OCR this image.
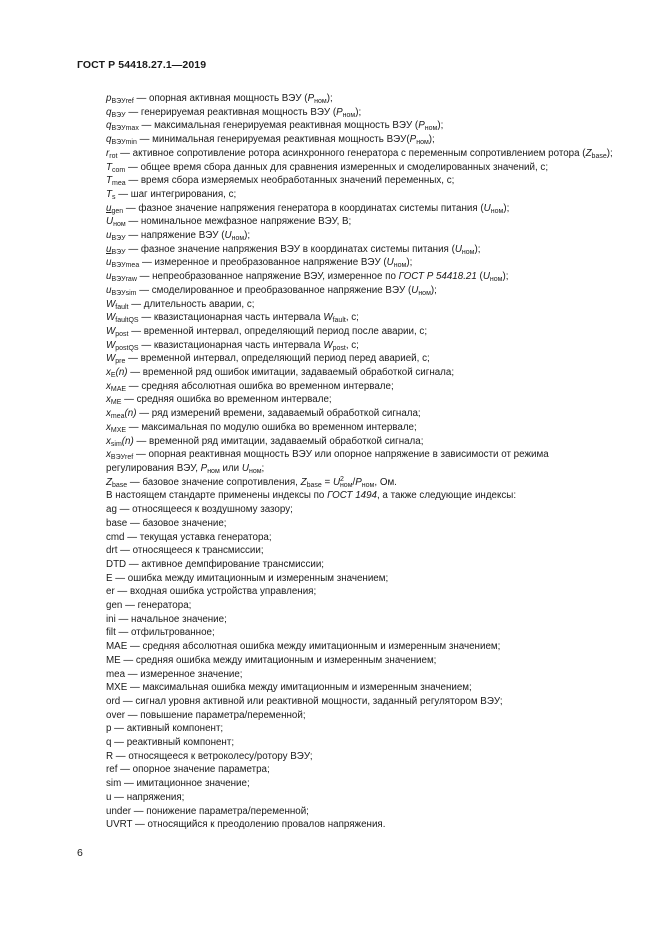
ГОСТ Р 54418.27.1—2019
$p_{ВЭУref}$ — опорная активная мощность ВЭУ $(P_{ном})$;
$q_{ВЭУ}$ — генерируемая реактивная мощность ВЭУ $(P_{ном})$;
$q_{ВЭУmax}$ — максимальная генерируемая реактивная мощность ВЭУ $(P_{ном})$;
$q_{ВЭУmin}$ — минимальная генерируемая реактивная мощность $ВЭУ(P_{ном})$;
$r_{rot}$ — активное сопротивление ротора асинхронного генератора с переменным сопротивлением ротора $(Z_{base})$;
$T_{com}$ — общее время сбора данных для сравнения измеренных и смоделированных значений, с;
$T_{mea}$ — время сбора измеряемых необработанных значений переменных, с;
$T_s$ — шаг интегрирования, с;
$u_{gen}$ — фазное значение напряжения генератора в координатах системы питания $(U_{ном})$;
$U_{ном}$ — номинальное межфазное напряжение ВЭУ, В;
$u_{ВЭУ}$ — напряжение ВЭУ $(U_{ном})$;
$u_{ВЭУ}$ — фазное значение напряжения ВЭУ в координатах системы питания $(U_{ном})$;
$u_{ВЭУmea}$ — измеренное и преобразованное напряжение ВЭУ $(U_{ном})$;
$u_{ВЭУraw}$ — непреобразованное напряжение ВЭУ, измеренное по ГОСТ Р 54418.21 $(U_{ном})$;
$u_{ВЭУsim}$ — смоделированное и преобразованное напряжение ВЭУ $(U_{ном})$;
$W_{fault}$ — длительность аварии, с;
$W_{faultQS}$ — квазистационарная часть интервала $W_{fault}$, с;
$W_{post}$ — временной интервал, определяющий период после аварии, с;
$W_{postQS}$ — квазистационарная часть интервала $W_{post}$, с;
$W_{pre}$ — временной интервал, определяющий период перед аварией, с;
$x_E(n)$ — временной ряд ошибок имитации, задаваемый обработкой сигнала;
$x_{MAE}$ — средняя абсолютная ошибка во временном интервале;
$x_{ME}$ — средняя ошибка во временном интервале;
$x_{mea}(n)$ — ряд измерений времени, задаваемый обработкой сигнала;
$x_{MXE}$ — максимальная по модулю ошибка во временном интервале;
$x_{sim}(n)$ — временной ряд имитации, задаваемый обработкой сигнала;
$x_{ВЭУref}$ — опорная реактивная мощность ВЭУ или опорное напряжение в зависимости от режима регулирования ВЭУ, $P_{ном}$ или $U_{ном}$;
$Z_{base}$ — базовое значение сопротивления, $Z_{base} = U^2_{ном}/P_{ном}$, Ом.
В настоящем стандарте применены индексы по ГОСТ 1494, а также следующие индексы:
ag — относящееся к воздушному зазору;
base — базовое значение;
cmd — текущая уставка генератора;
drt — относящееся к трансмиссии;
DTD — активное демпфирование трансмиссии;
E — ошибка между имитационным и измеренным значением;
er — входная ошибка устройства управления;
gen — генератора;
ini — начальное значение;
filt — отфильтрованное;
MAE — средняя абсолютная ошибка между имитационным и измеренным значением;
ME — средняя ошибка между имитационным и измеренным значением;
mea — измеренное значение;
MXE — максимальная ошибка между имитационным и измеренным значением;
ord — сигнал уровня активной или реактивной мощности, заданный регулятором ВЭУ;
over — повышение параметра/переменной;
p — активный компонент;
q — реактивный компонент;
R — относящееся к ветроколесу/ротору ВЭУ;
ref — опорное значение параметра;
sim — имитационное значение;
u — напряжения;
under — понижение параметра/переменной;
UVRT — относящийся к преодолению провалов напряжения.
6
